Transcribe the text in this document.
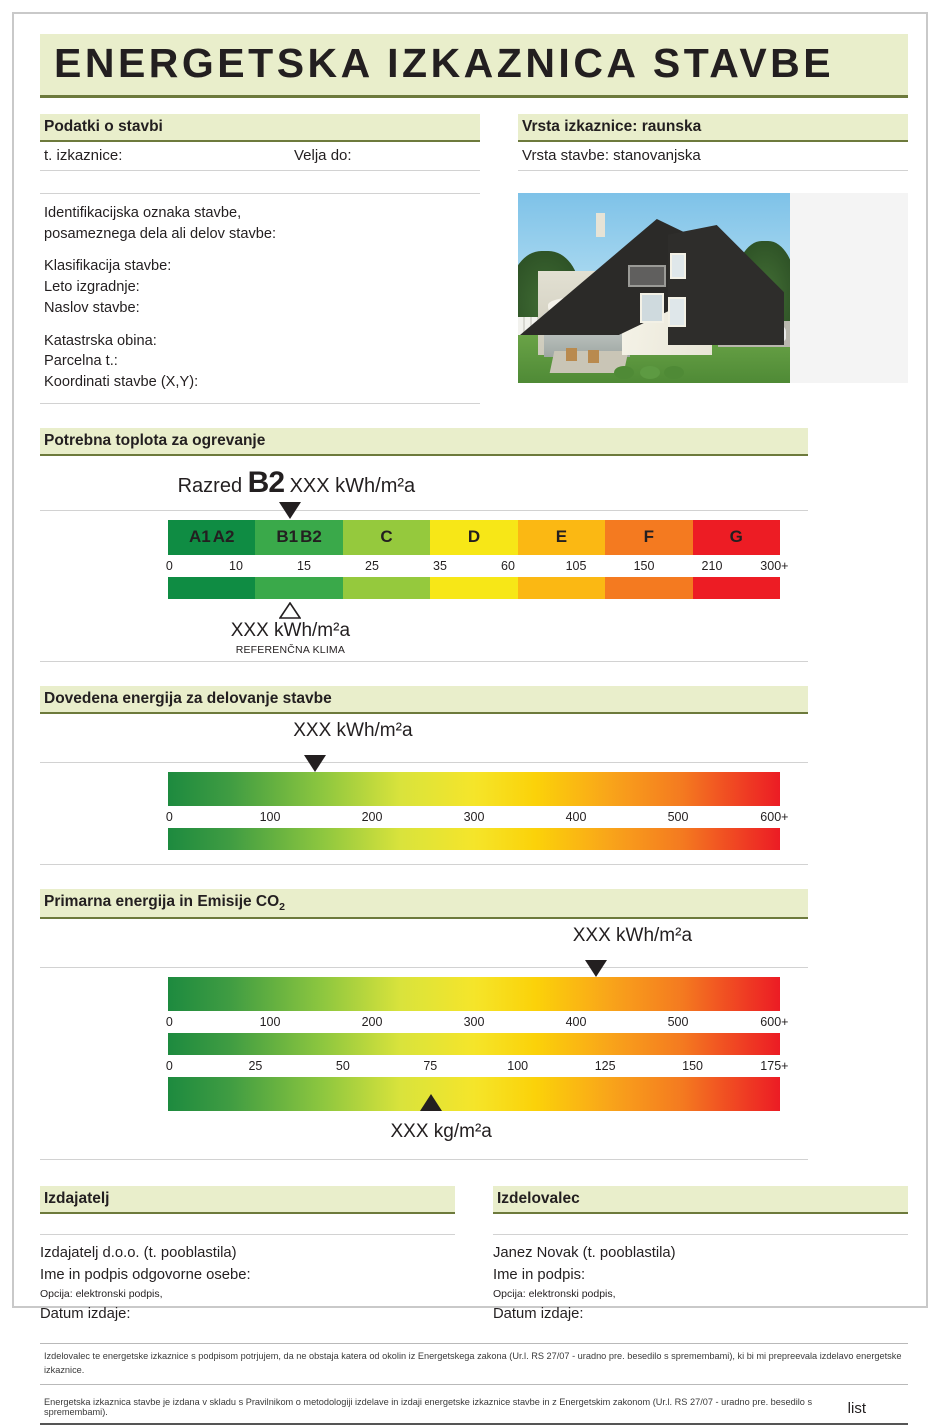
ENERGETSKA IZKAZNICA STAVBE
Podatki o stavbi
t. izkaznice:	Velja do:
Identifikacijska oznaka stavbe,
posameznega dela ali delov stavbe:
Klasifikacija stavbe:
Leto izgradnje:
Naslov stavbe:
Katastrska obina:
Parcelna t.:
Koordinati stavbe (X,Y):
Vrsta izkaznice: raunska
Vrsta stavbe: stanovanjska
Potrebna toplota za ogrevanje
Razred B2 XXX kWh/m²a
A1 A2 B1 B2	C	D	E	F	G
0	10	15	25	35	60	105	150	210	300+
XXX kWh/m²a
REFERENČNA KLIMA
Dovedena energija za delovanje stavbe
XXX kWh/m²a
0	100	200	300	400	500	600+
Primarna energija in Emisije $CO_2$
XXX kWh/m²a
0	100	200	300	400	500	600+
0	25	50	75	100	125	150	175+
XXX kg/m²a
Izdajatelj
Izdajatelj d.o.o. (t. pooblastila)
Ime in podpis odgovorne osebe:
Opcija: elektronski podpis,
Datum izdaje:
Izdelovalec
Janez Novak (t. pooblastila)
Ime in podpis:
Opcija: elektronski podpis,
Datum izdaje:
Izdelovalec te energetske izkaznice s podpisom potrjujem, da ne obstaja katera od okolin iz Energetskega zakona (Ur.l. RS 27/07 - uradno pre. besedilo s spremembami), ki bi mi prepreevala izdelavo energetske izkaznice.
Energetska izkaznica stavbe je izdana v skladu s Pravilnikom o metodologiji izdelave in izdaji energetske izkaznice stavbe in z Energetskim zakonom (Ur.l. RS 27/07 - uradno pre. besedilo s spremembami).	list
